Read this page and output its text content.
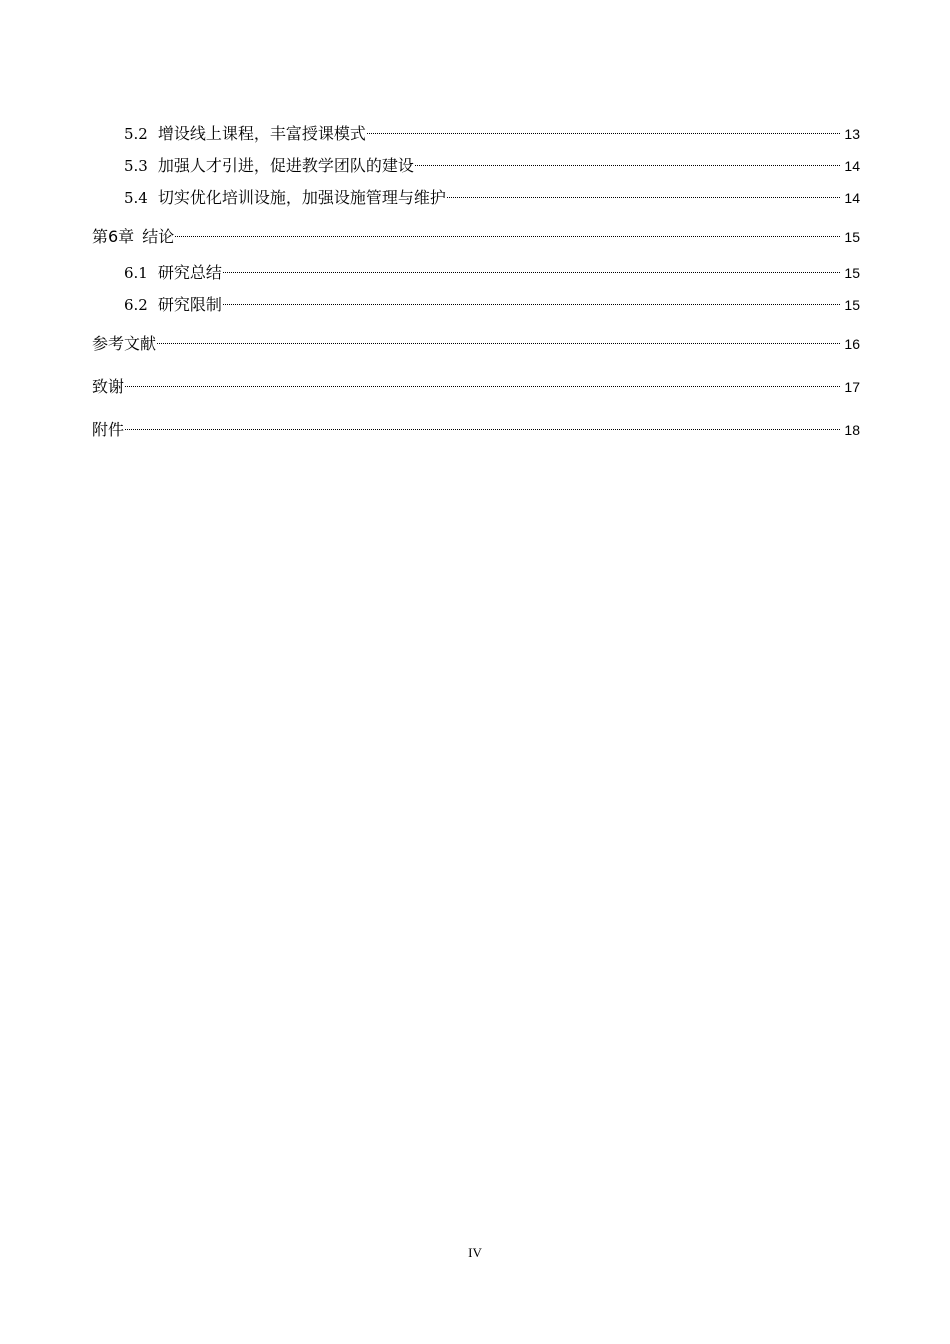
5.2 增设线上课程，丰富授课模式	13
5.3 加强人才引进，促进教学团队的建设	14
5.4 切实优化培训设施，加强设施管理与维护	14
第6章 结论	15
6.1 研究总结	15
6.2 研究限制	15
参考文献	16
致谢	17
附件	18
IV
